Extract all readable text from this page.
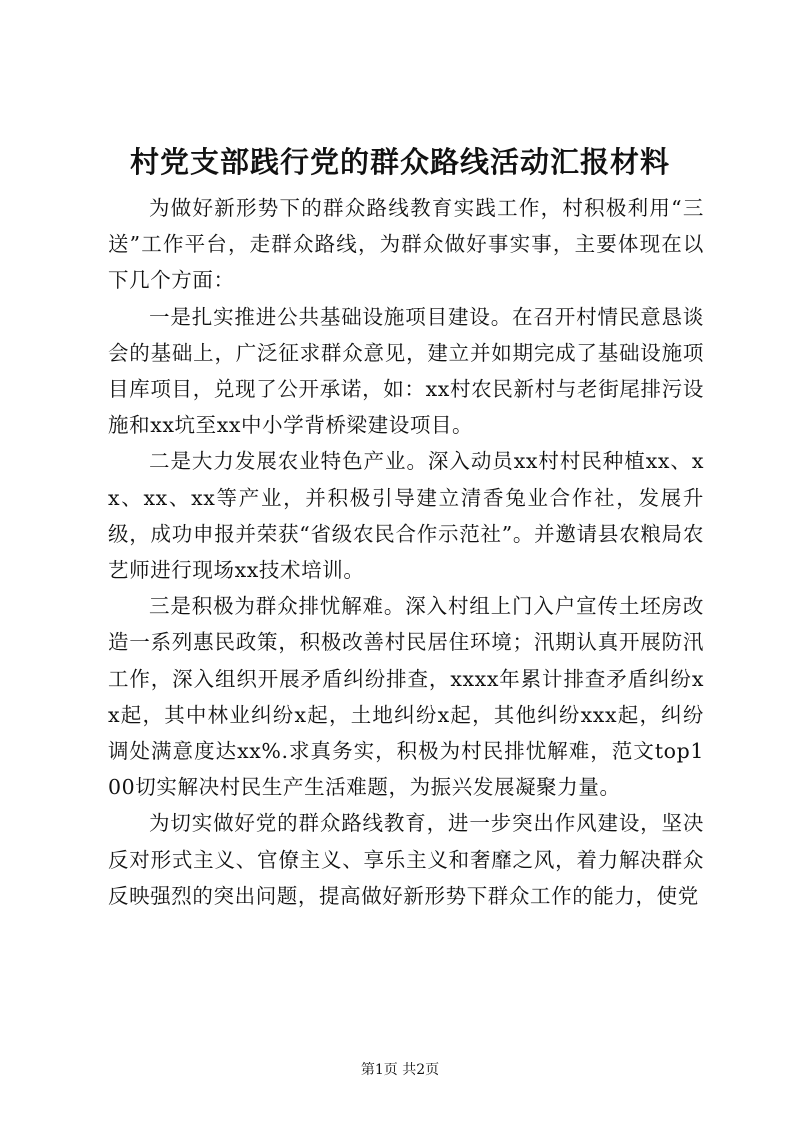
村党支部践行党的群众路线活动汇报材料

为做好新形势下的群众路线教育实践工作，村积极利用“三送”工作平台，走群众路线，为群众做好事实事，主要体现在以下几个方面：

一是扎实推进公共基础设施项目建设。在召开村情民意恳谈会的基础上，广泛征求群众意见，建立并如期完成了基础设施项目库项目，兑现了公开承诺，如：xx村农民新村与老街尾排污设施和xx坑至xx中小学背桥梁建设项目。

二是大力发展农业特色产业。深入动员xx村村民种植xx、xx、xx、xx等产业，并积极引导建立清香兔业合作社，发展升级，成功申报并荣获“省级农民合作示范社”。并邀请县农粮局农艺师进行现场xx技术培训。

三是积极为群众排忧解难。深入村组上门入户宣传土坯房改造一系列惠民政策，积极改善村民居住环境；汛期认真开展防汛工作，深入组织开展矛盾纠纷排查，xxxx年累计排查矛盾纠纷xx起，其中林业纠纷x起，土地纠纷x起，其他纠纷xxx起，纠纷调处满意度达xx%.求真务实，积极为村民排忧解难，范文top100切实解决村民生产生活难题，为振兴发展凝聚力量。

为切实做好党的群众路线教育，进一步突出作风建设，坚决反对形式主义、官僚主义、享乐主义和奢靡之风，着力解决群众反映强烈的突出问题，提高做好新形势下群众工作的能力，使党

第1页 共2页
